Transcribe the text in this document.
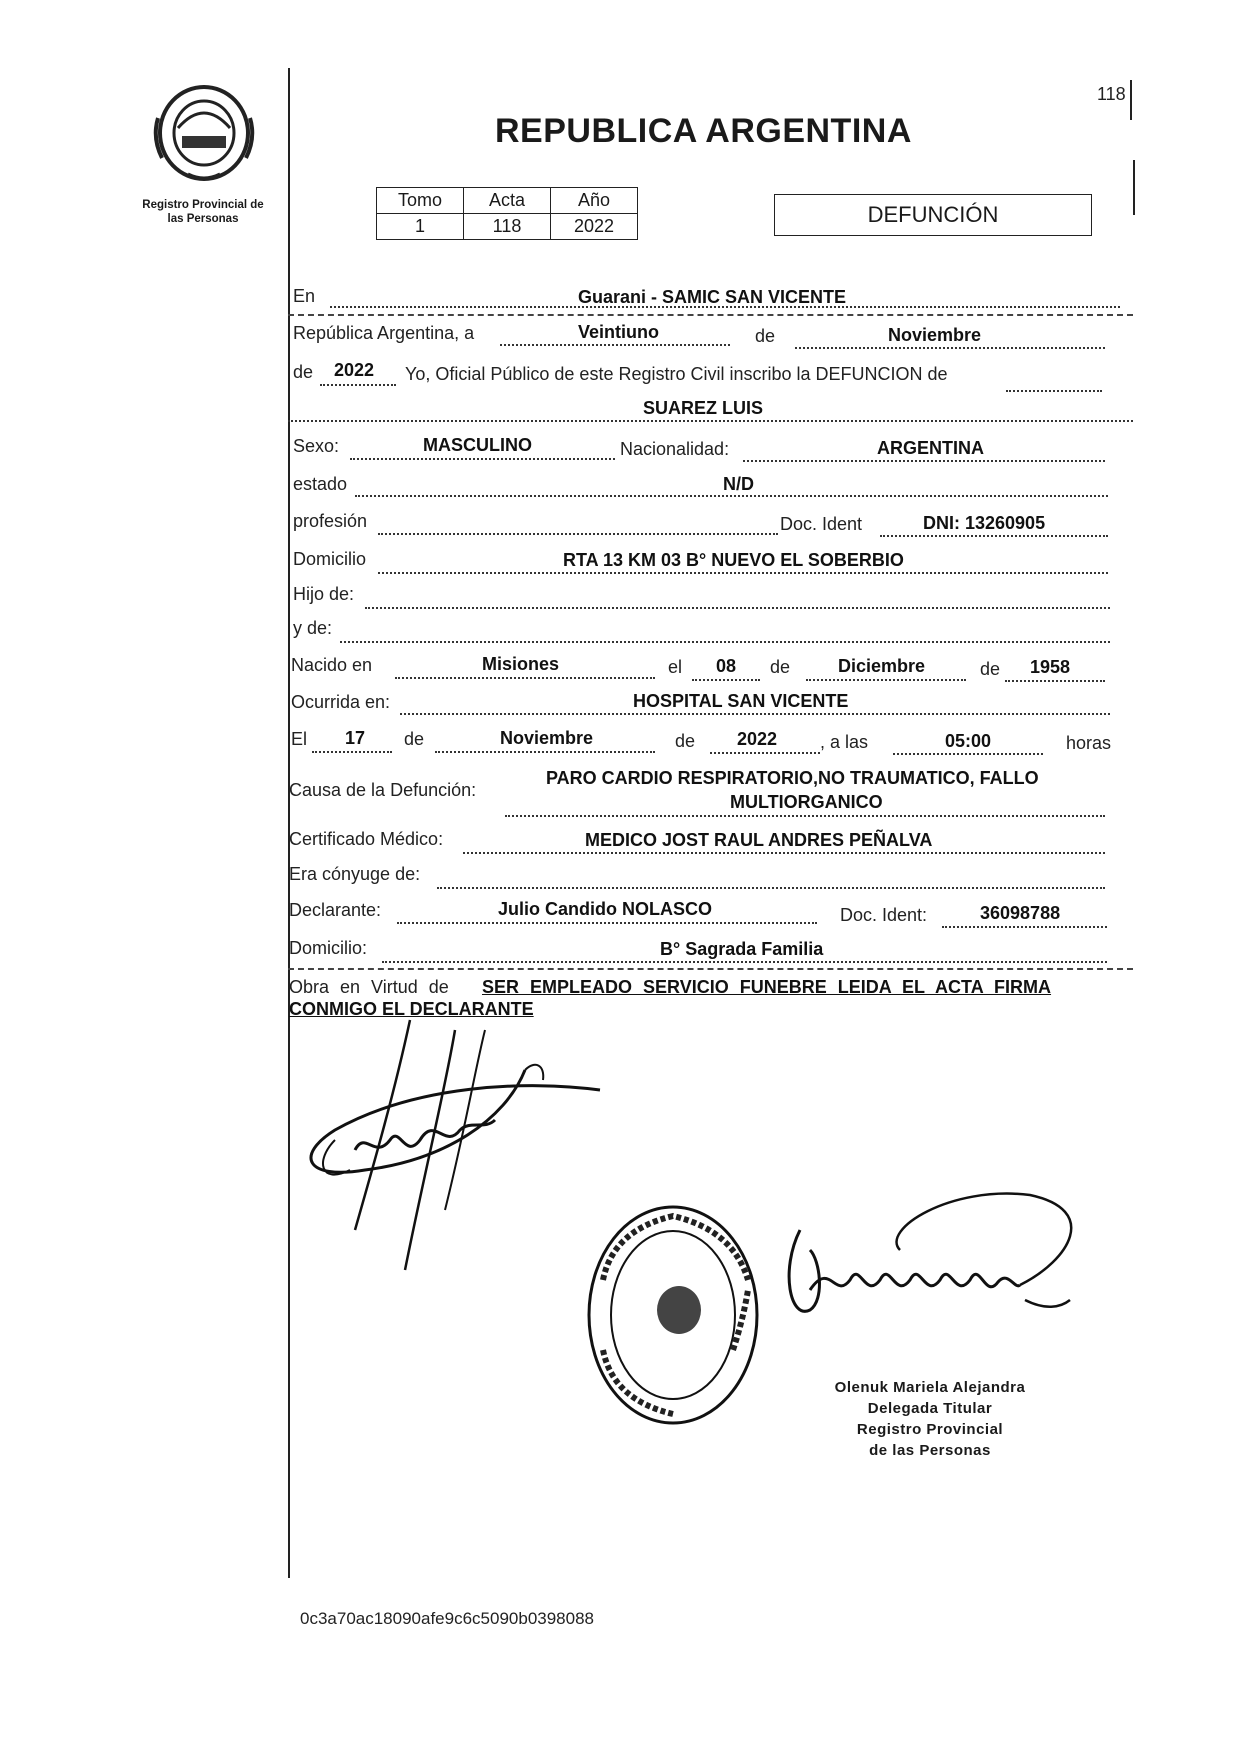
118
Registro Provincial de
las Personas
REPUBLICA ARGENTINA
Tomo	Acta	Año
1	118	2022	DEFUNCIÓN
En	Guarani - SAMIC SAN VICENTE
República Argentina, a	Veintiuno	de	Noviembre
de 2022 Yo, Oficial Público de este Registro Civil inscribo la DEFUNCION de
SUAREZ LUIS
Sexo:	MASCULINO	Nacionalidad:	ARGENTINA
estado	N/D
profesión	Doc. Ident	DNI: 13260905
Domicilio	RTA 13 KM 03 B° NUEVO EL SOBERBIO
Hijo de:
y de:
Nacido en	Misiones	el 08 de	Diciembre	de 1958
Ocurrida en:	HOSPITAL SAN VICENTE
El 17 de	Noviembre	de 2022 , a las	05:00	horas
Causa de la Defunción:
PARO CARDIO RESPIRATORIO,NO TRAUMATICO, FALLO
MULTIORGANICO
Certificado Médico:	MEDICO JOST RAUL ANDRES PEÑALVA
Era cónyuge de:
Declarante:	Julio Candido NOLASCO	Doc. Ident:	36098788
Domicilio:	B° Sagrada Familia
Obra en Virtud de SER EMPLEADO SERVICIO FUNEBRE LEIDA EL ACTA FIRMA
CONMIGO EL DECLARANTE
Olenuk Mariela Alejandra
Delegada Titular
Registro Provincial
de las Personas
0c3a70ac18090afe9c6c5090b0398088
